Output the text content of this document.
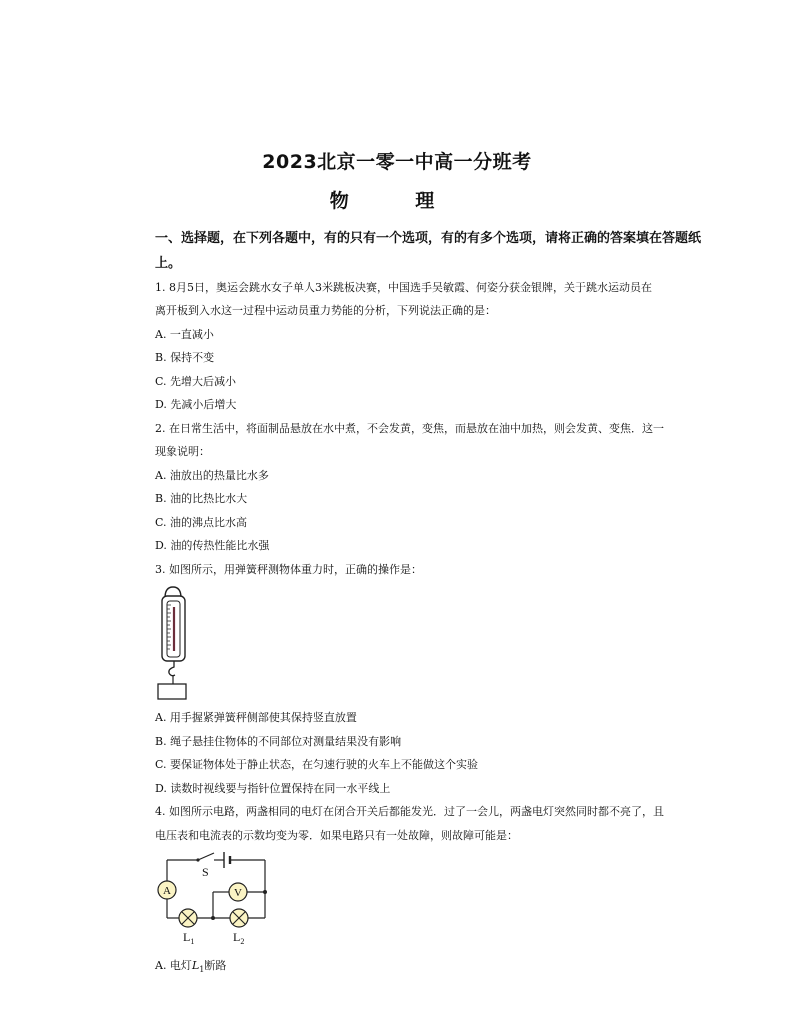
2023北京一零一中高一分班考
物 理
一、选择题，在下列各题中，有的只有一个选项，有的有多个选项，请将正确的答案填在答题纸上。
1. 8月5日，奥运会跳水女子单人3米跳板决赛，中国选手吴敏霞、何姿分获金银牌，关于跳水运动员在
离开板到入水这一过程中运动员重力势能的分析，下列说法正确的是：
A. 一直减小
B. 保持不变
C. 先增大后减小
D. 先减小后增大
2. 在日常生活中，将面制品悬放在水中煮，不会发黄，变焦，而悬放在油中加热，则会发黄、变焦．这一
现象说明：
A. 油放出的热量比水多
B. 油的比热比水大
C. 油的沸点比水高
D. 油的传热性能比水强
3. 如图所示，用弹簧秤测物体重力时，正确的操作是：
A. 用手握紧弹簧秤侧部使其保持竖直放置
B. 绳子悬挂住物体的不同部位对测量结果没有影响
C. 要保证物体处于静止状态，在匀速行驶的火车上不能做这个实验
D. 读数时视线要与指针位置保持在同一水平线上
4. 如图所示电路，两盏相同的电灯在闭合开关后都能发光．过了一会儿，两盏电灯突然同时都不亮了，且
电压表和电流表的示数均变为零．如果电路只有一处故障，则故障可能是：
S
A	V
$L_1$	$L_2$
A. 电灯$L_1$断路
